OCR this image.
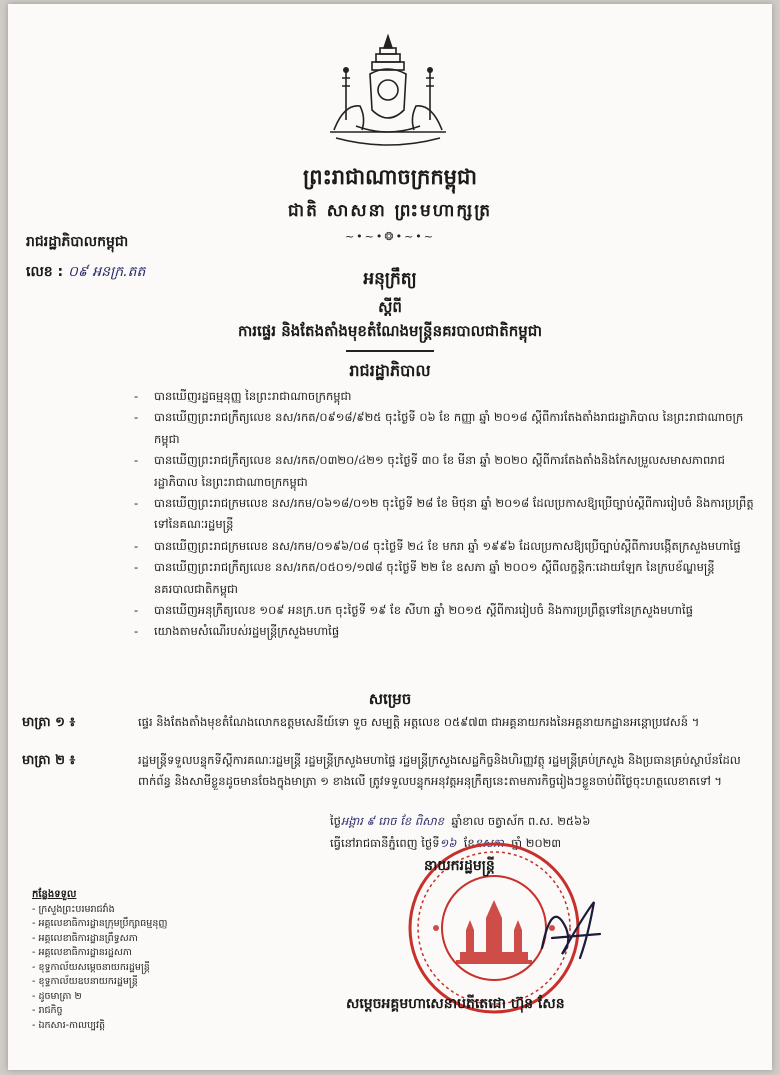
ព្រះរាជាណាចក្រកម្ពុជា
ជាតិ សាសនា ព្រះមហាក្សត្រ
~•~•❂•~•~
រាជរដ្ឋាភិបាលកម្ពុជា
លេខ : ០៩ អនក្រ.តត	អនុក្រឹត្យ
ស្តីពី
ការផ្ទេរ និងតែងតាំងមុខតំណែងមន្ត្រីនគរបាលជាតិកម្ពុជា
រាជរដ្ឋាភិបាល
-	បានឃើញរដ្ឋធម្មនុញ្ញ នៃព្រះរាជាណាចក្រកម្ពុជា
-	បានឃើញព្រះរាជក្រឹត្យលេខ នស/រកត/០៩១៨/៩២៥ ចុះថ្ងៃទី ០៦ ខែ កញ្ញា ឆ្នាំ ២០១៨ ស្តីពីការតែងតាំងរាជរដ្ឋាភិបាល នៃព្រះរាជាណាចក្រកម្ពុជា
-	បានឃើញព្រះរាជក្រឹត្យលេខ នស/រកត/០៣២០/៤២១ ចុះថ្ងៃទី ៣០ ខែ មីនា ឆ្នាំ ២០២០ ស្តីពីការតែងតាំងនិងកែសម្រួលសមាសភាពរាជរដ្ឋាភិបាល នៃព្រះរាជាណាចក្រកម្ពុជា
-	បានឃើញព្រះរាជក្រមលេខ នស/រកម/០៦១៨/០១២ ចុះថ្ងៃទី ២៨ ខែ មិថុនា ឆ្នាំ ២០១៨ ដែលប្រកាសឱ្យប្រើច្បាប់ស្តីពីការរៀបចំ និងការប្រព្រឹត្តទៅនៃគណៈរដ្ឋមន្ត្រី
-	បានឃើញព្រះរាជក្រមលេខ នស/រកម/០១៩៦/០៨ ចុះថ្ងៃទី ២៤ ខែ មករា ឆ្នាំ ១៩៩៦ ដែលប្រកាសឱ្យប្រើច្បាប់ស្តីពីការបង្កើតក្រសួងមហាផ្ទៃ
-	បានឃើញព្រះរាជក្រឹត្យលេខ នស/រកត/០៥០១/១៧៨ ចុះថ្ងៃទី ២២ ខែ ឧសភា ឆ្នាំ ២០០១ ស្តីពីលក្ខន្តិកៈដោយឡែក នៃក្របខ័ណ្ឌមន្ត្រីនគរបាលជាតិកម្ពុជា
-	បានឃើញអនុក្រឹត្យលេខ ១០៩ អនក្រ.បក ចុះថ្ងៃទី ១៩ ខែ សីហា ឆ្នាំ ២០១៥ ស្តីពីការរៀបចំ និងការប្រព្រឹត្តទៅនៃក្រសួងមហាផ្ទៃ
-	យោងតាមសំណើរបស់រដ្ឋមន្ត្រីក្រសួងមហាផ្ទៃ
សម្រេច
មាត្រា ១ ៖	ផ្ទេរ និងតែងតាំងមុខតំណែងលោកឧត្តមសេនីយ៍ទោ ទួច សម្បត្តិ អត្តលេខ ០៥៩៧៣ ជាអគ្គនាយករងនៃអគ្គនាយកដ្ឋានអន្តោប្រវេសន៍ ។
មាត្រា ២ ៖	រដ្ឋមន្ត្រីទទួលបន្ទុកទីស្តីការគណៈរដ្ឋមន្ត្រី រដ្ឋមន្ត្រីក្រសួងមហាផ្ទៃ រដ្ឋមន្ត្រីក្រសួងសេដ្ឋកិច្ចនិងហិរញ្ញវត្ថុ រដ្ឋមន្ត្រីគ្រប់ក្រសួង និងប្រធានគ្រប់ស្ថាប័នដែលពាក់ព័ន្ធ និងសាមីខ្លួនដូចមានចែងក្នុងមាត្រា ១ ខាងលើ ត្រូវទទួលបន្ទុកអនុវត្តអនុក្រឹត្យនេះតាមភារកិច្ចរៀងៗខ្លួនចាប់ពីថ្ងៃចុះហត្ថលេខាតទៅ ។
ថ្ងៃអង្គារ ៩ រោច ខែ ពិសាខ ឆ្នាំខាល ចត្វាស័ក ព.ស. ២៥៦៦
ធ្វើនៅរាជធានីភ្នំពេញ ថ្ងៃទី១៦ ខែឧសភា ឆ្នាំ ២០២៣
នាយករដ្ឋមន្ត្រី
សម្តេចអគ្គមហាសេនាបតីតេជោ ហ៊ុន សែន
កន្លែងទទួល
- ក្រសួងព្រះបរមរាជវាំង
- អគ្គលេខាធិការដ្ឋានក្រុមប្រឹក្សាធម្មនុញ្ញ
- អគ្គលេខាធិការដ្ឋានព្រឹទ្ធសភា
- អគ្គលេខាធិការដ្ឋានរដ្ឋសភា
- ខុទ្ទកាល័យសម្តេចនាយករដ្ឋមន្ត្រី
- ខុទ្ទកាល័យឧបនាយករដ្ឋមន្ត្រី
- ដូចមាត្រា ២
- រាជកិច្ច
- ឯកសារ-កាលប្បវត្តិ
